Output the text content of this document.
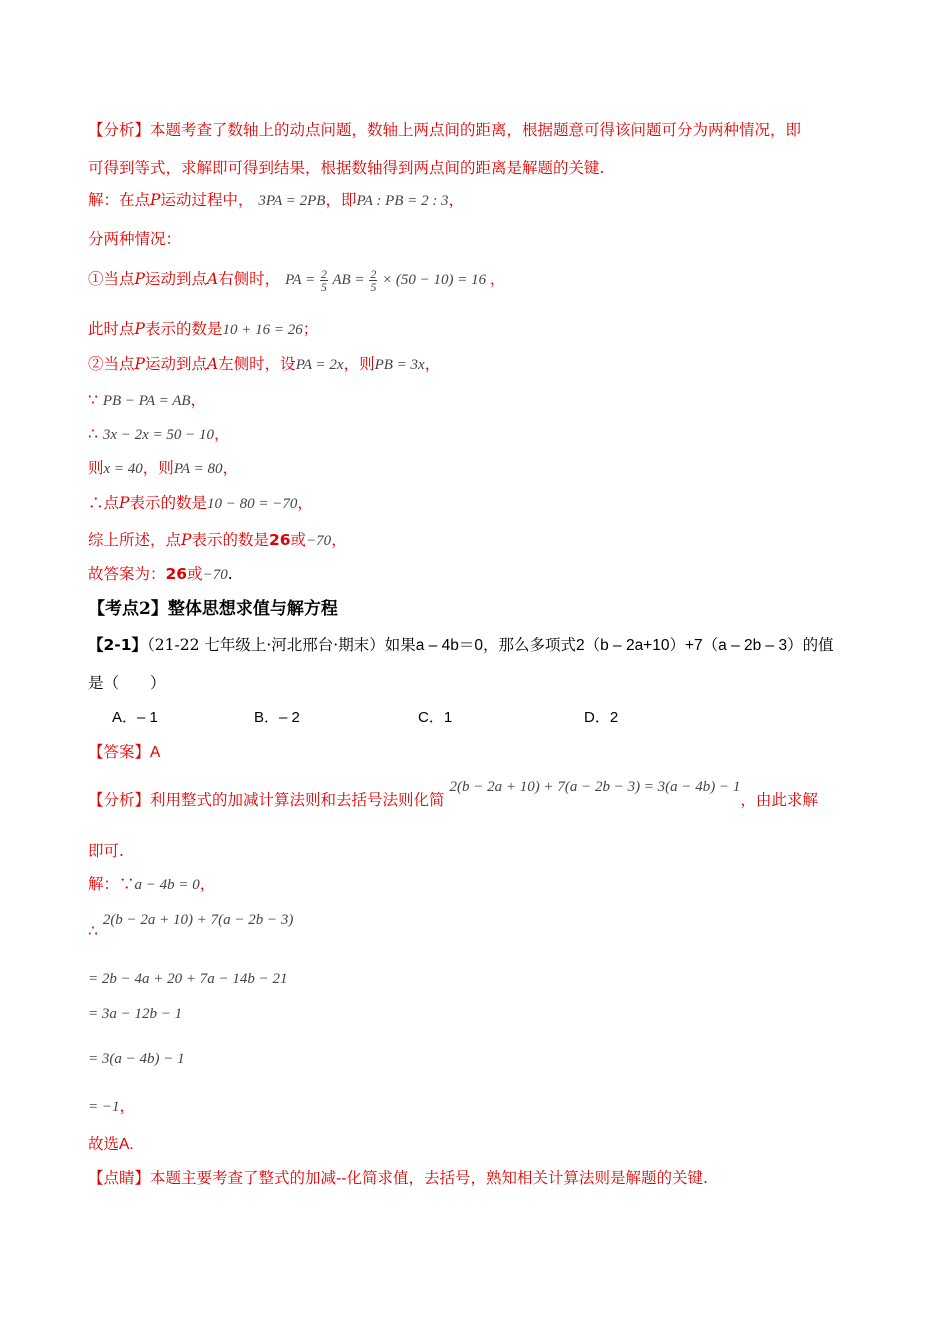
【分析】本题考查了数轴上的动点问题，数轴上两点间的距离，根据题意可得该问题可分为两种情况，即
可得到等式，求解即可得到结果，根据数轴得到两点间的距离是解题的关键.
解：在点P运动过程中， 3PA = 2PB，即PA : PB = 2 : 3，
分两种情况：
①当点P运动到点A右侧时， PA = $\frac{2}{5}$ AB = $\frac{2}{5} \times (50 - 10) = 16$ ，
此时点P表示的数是10 + 16 = 26；
②当点P运动到点A左侧时，设PA = 2x，则PB = 3x，
∵ PB − PA = AB，
∴ 3x − 2x = 50 − 10，
则x = 40，则PA = 80，
∴点P表示的数是10 − 80 = −70，
综上所述，点P表示的数是26或−70，
故答案为：26或−70.
【考点2】整体思想求值与解方程
【2-1】（21-22 七年级上·河北邢台·期末）如果a – 4b＝0，那么多项式2（b – 2a+10）+7（a – 2b – 3）的值
是（　　）
A．– 1	B．– 2	C．1	D．2
【答案】A
【分析】利用整式的加减计算法则和去括号法则化简 2(b − 2a + 10) + 7(a − 2b − 3) = 3(a − 4b) − 1，由此求解
即可.
解：∵a − 4b = 0，
∴ 2(b − 2a + 10) + 7(a − 2b − 3)
= 2b − 4a + 20 + 7a − 14b − 21
= 3a − 12b − 1
= 3(a − 4b) − 1
= −1，
故选A.
【点睛】本题主要考查了整式的加减--化简求值，去括号，熟知相关计算法则是解题的关键.
